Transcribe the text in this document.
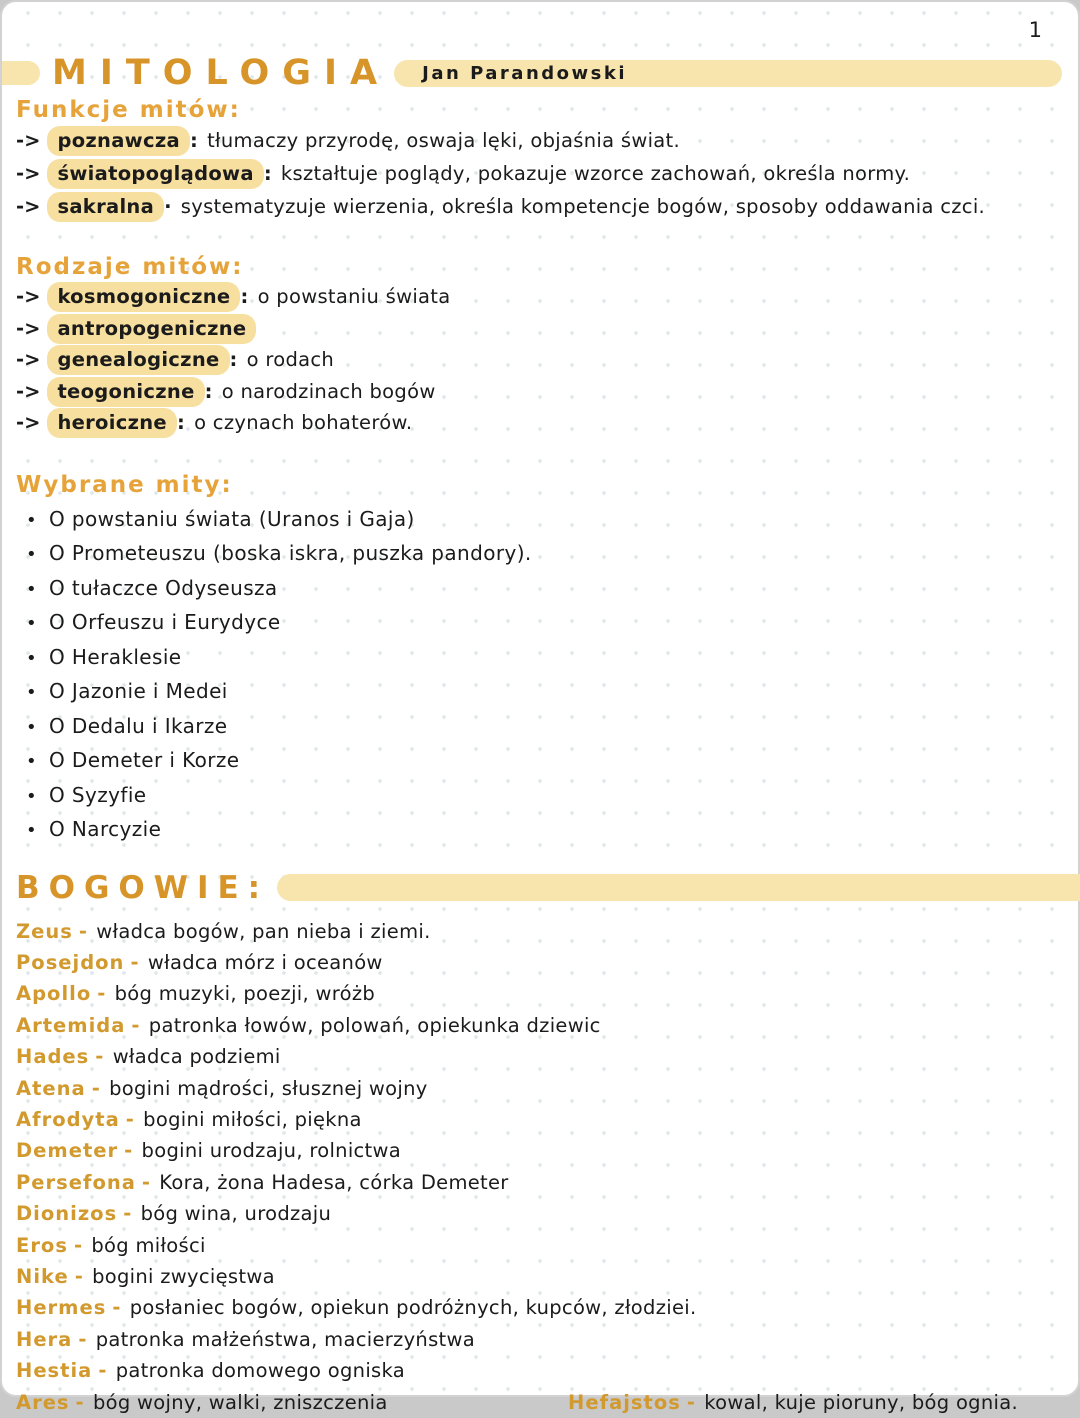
1
MITOLOGIA Jan Parandowski
Funkcje mitów:
-> poznawcza : tłumaczy przyrodę, oswaja lęki, objaśnia świat.
-> światopoglądowa : kształtuje poglądy, pokazuje wzorce zachowań, określa normy.
-> sakralna · systematyzuje wierzenia, określa kompetencje bogów, sposoby oddawania czci.
Rodzaje mitów:
-> kosmogoniczne : o powstaniu świata
-> antropogeniczne
-> genealogiczne : o rodach
-> teogoniczne : o narodzinach bogów
-> heroiczne : o czynach bohaterów.
Wybrane mity:
• O powstaniu świata (Uranos i Gaja)
• O Prometeuszu (boska iskra, puszka pandory).
• O tułaczce Odyseusza
• O Orfeuszu i Eurydyce
• O Heraklesie
• O Jazonie i Medei
• O Dedalu i Ikarze
• O Demeter i Korze
• O Syzyfie
• O Narcyzie
BOGOWIE:
Zeus - władca bogów, pan nieba i ziemi.
Posejdon - władca mórz i oceanów
Apollo - bóg muzyki, poezji, wróżb
Artemida - patronka łowów, polowań, opiekunka dziewic
Hades - władca podziemi
Atena - bogini mądrości, słusznej wojny
Afrodyta - bogini miłości, piękna
Demeter - bogini urodzaju, rolnictwa
Persefona - Kora, żona Hadesa, córka Demeter
Dionizos - bóg wina, urodzaju
Eros - bóg miłości
Nike - bogini zwycięstwa
Hermes - posłaniec bogów, opiekun podróżnych, kupców, złodziei.
Hera - patronka małżeństwa, macierzyństwa
Hestia - patronka domowego ogniska
Ares - bóg wojny, walki, zniszczenia	Hefajstos - kowal, kuje pioruny, bóg ognia.
